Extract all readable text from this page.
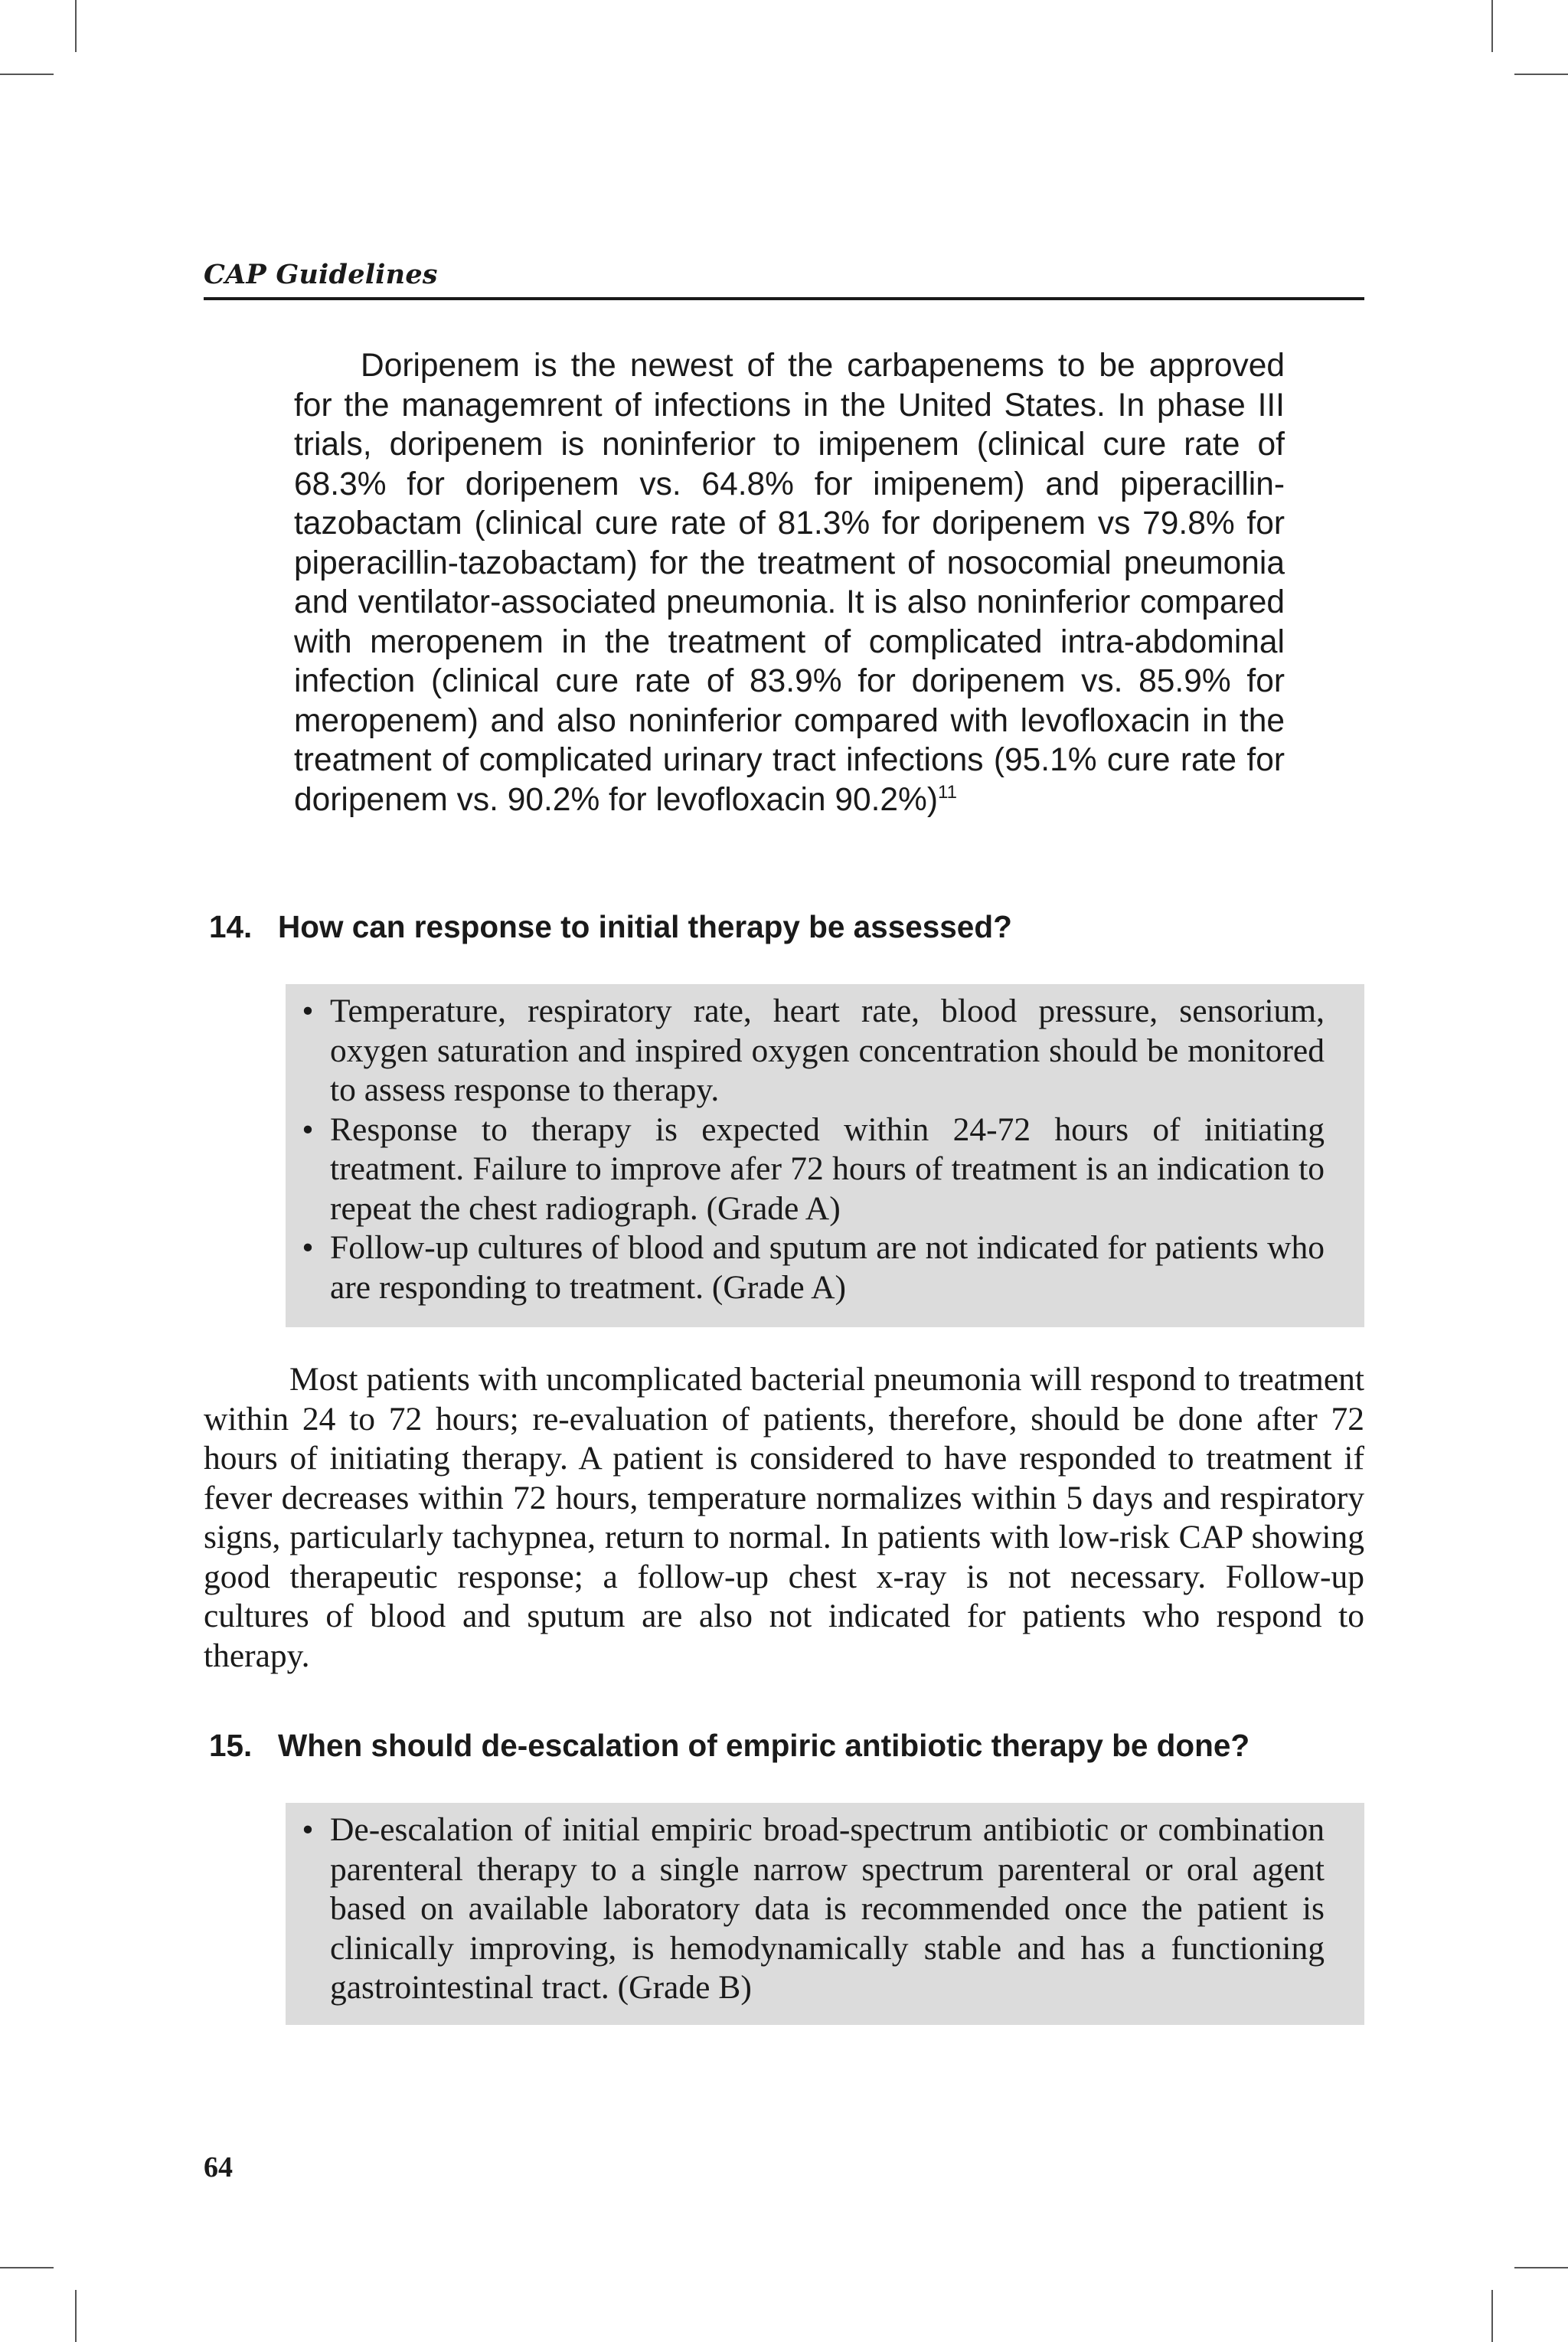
CAP Guidelines

Doripenem is the newest of the carbapenems to be approved for the managemrent of infections in the United States. In phase III trials, doripenem is noninferior to imipenem (clinical cure rate of 68.3% for doripenem vs. 64.8% for imipenem) and piperacillin-tazobactam (clinical cure rate of 81.3% for doripenem vs 79.8% for piperacillin-tazobactam) for the treatment of nosocomial pneumonia and ventilator-associated pneumonia. It is also noninferior compared with meropenem in the treatment of complicated intra-abdominal infection (clinical cure rate of 83.9% for doripenem vs. 85.9% for meropenem) and also noninferior compared with levofloxacin in the treatment of complicated urinary tract infections (95.1% cure rate for doripenem vs. 90.2% for levofloxacin 90.2%)$^{11}$

14. How can response to initial therapy be assessed?
• Temperature, respiratory rate, heart rate, blood pressure, sensorium, oxygen saturation and inspired oxygen concentration should be monitored to assess response to therapy.
• Response to therapy is expected within 24-72 hours of initiating treatment. Failure to improve afer 72 hours of treatment is an indication to repeat the chest radiograph. (Grade A)
• Follow-up cultures of blood and sputum are not indicated for patients who are responding to treatment. (Grade A)

Most patients with uncomplicated bacterial pneumonia will respond to treatment within 24 to 72 hours; re-evaluation of patients, therefore, should be done after 72 hours of initiating therapy. A patient is considered to have responded to treatment if fever decreases within 72 hours, temperature normalizes within 5 days and respiratory signs, particularly tachypnea, return to normal. In patients with low-risk CAP showing good therapeutic response; a follow-up chest x-ray is not necessary. Follow-up cultures of blood and sputum are also not indicated for patients who respond to therapy.

15. When should de-escalation of empiric antibiotic therapy be done?
• De-escalation of initial empiric broad-spectrum antibiotic or combination parenteral therapy to a single narrow spectrum parenteral or oral agent based on available laboratory data is recommended once the patient is clinically improving, is hemodynamically stable and has a functioning gastrointestinal tract. (Grade B)
64
